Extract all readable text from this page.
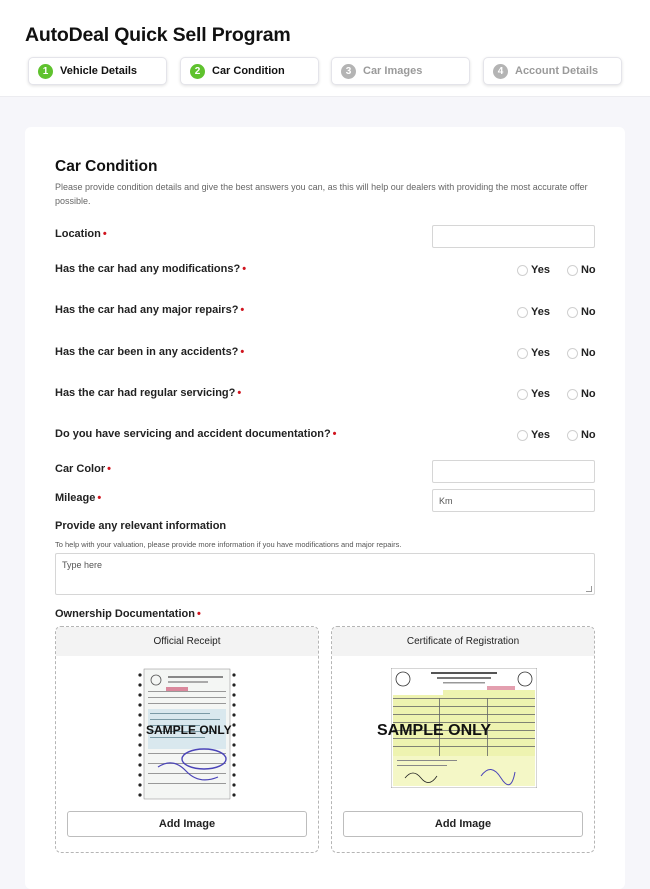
AutoDeal Quick Sell Program
1	Vehicle Details	2	Car Condition	3	Car Images	4	Account Details
Car Condition
Please provide condition details and give the best answers you can, as this will help our dealers with providing the most accurate offer possible.
Location •
Has the car had any modifications? •	Yes	No
Has the car had any major repairs? •	Yes	No
Has the car been in any accidents? •	Yes	No
Has the car had regular servicing? •	Yes	No
Do you have servicing and accident documentation? •	Yes	No
Car Color •
Mileage •	Km
Provide any relevant information
To help with your valuation, please provide more information if you have modifications and major repairs.
Type here
Ownership Documentation •
Official Receipt
SAMPLE ONLY
Add Image
Certificate of Registration
SAMPLE ONLY
Add Image
